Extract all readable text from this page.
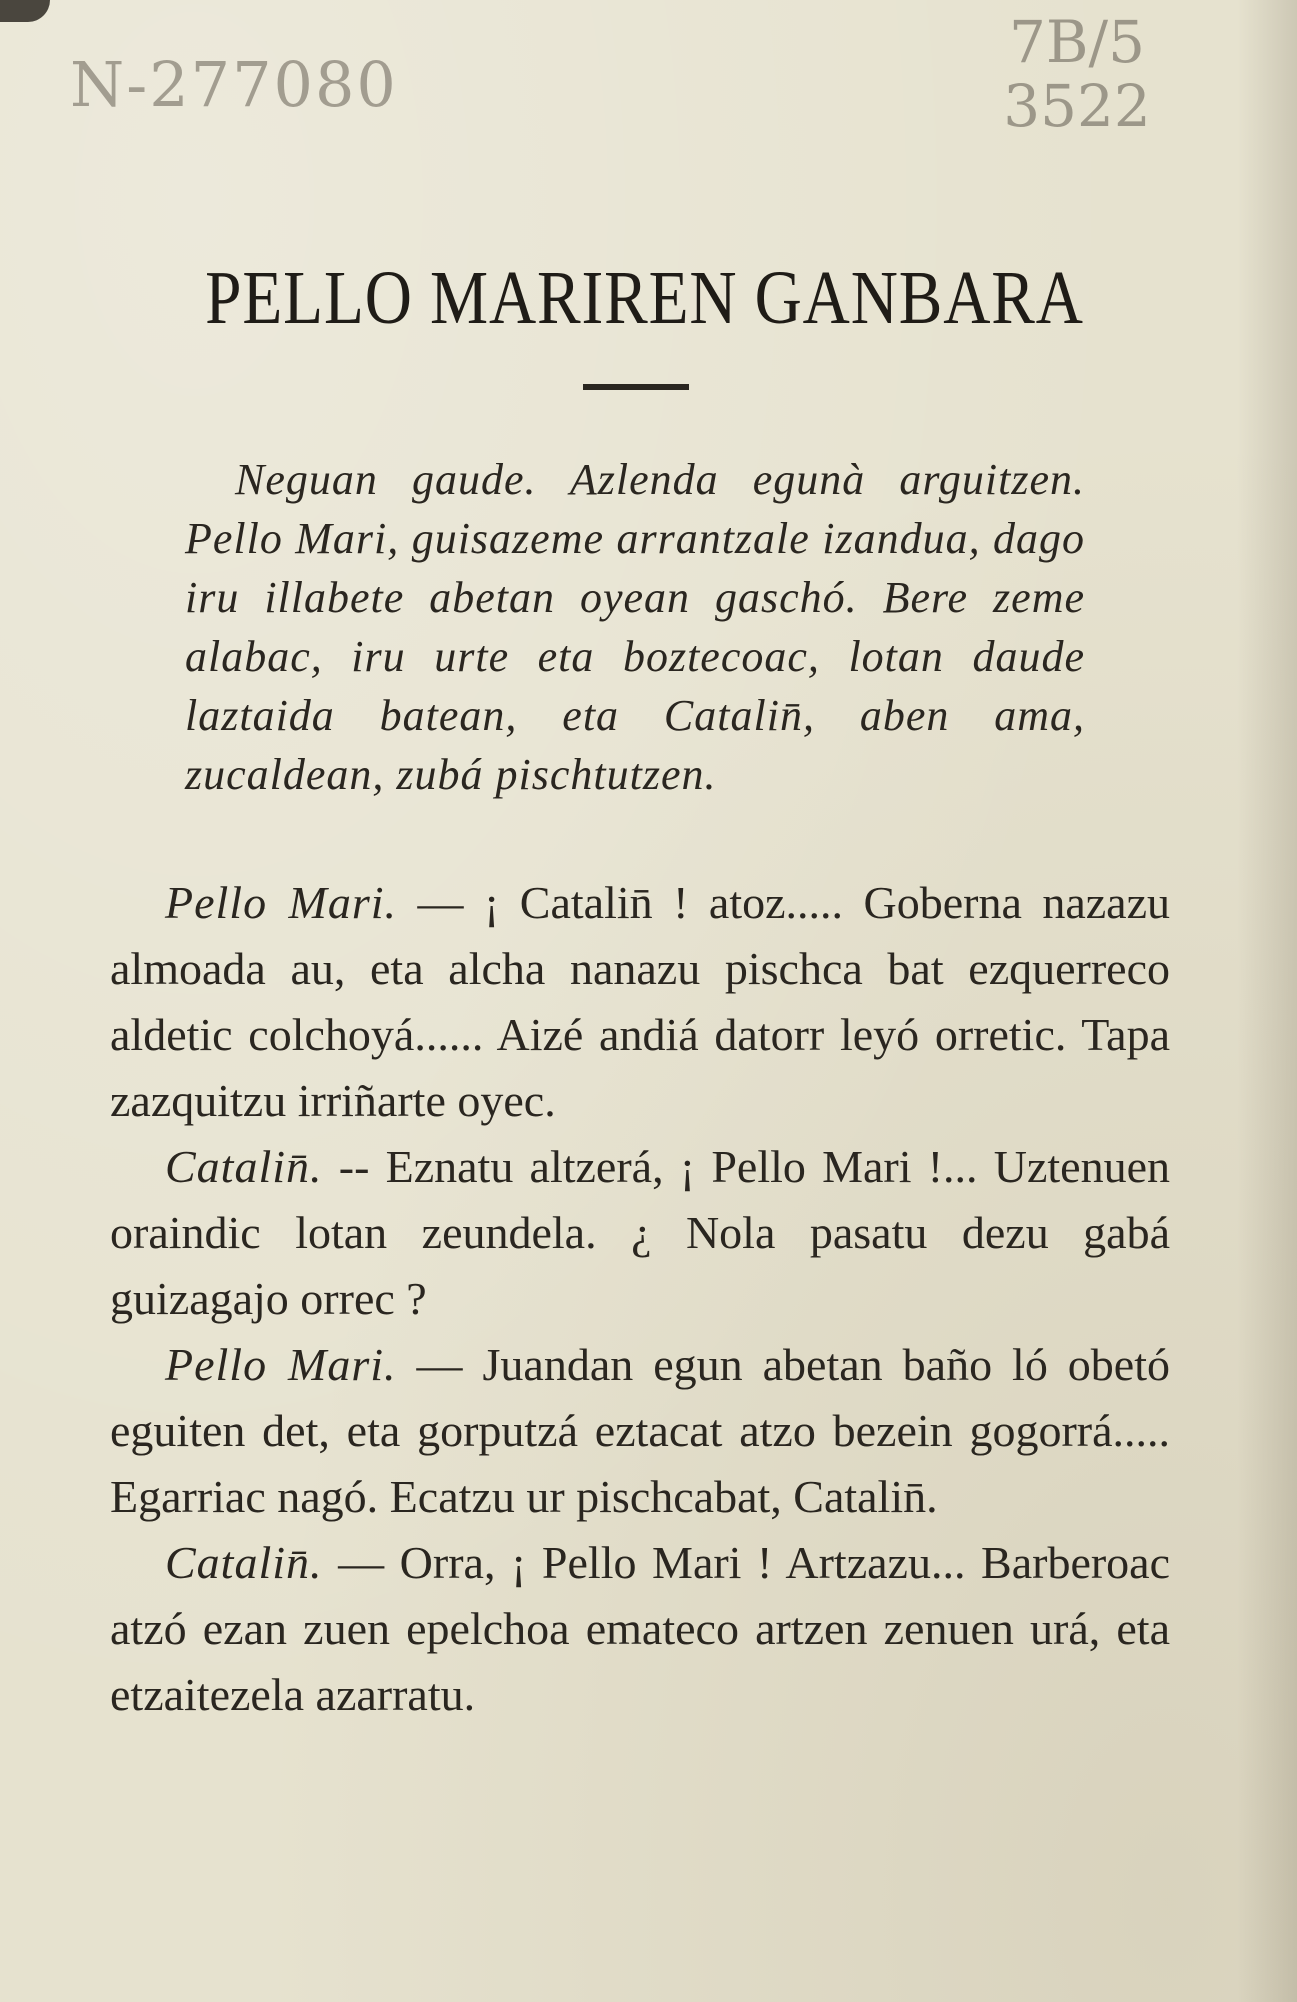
N-277080
7B/5
3522
PELLO MARIREN GANBARA

Neguan gaude. Azlenda egunà arguitzen. Pello Mari, guisazeme arrantzale izandua, dago iru illabete abetan oyean gaschó. Bere zeme alabac, iru urte eta boztecoac, lotan daude laztaida batean, eta Catalin̄, aben ama, zucaldean, zubá pischtutzen.

Pello Mari. — ¡ Catalin̄ ! atoz..... Goberna nazazu almoada au, eta alcha nanazu pischca bat ezquerreco aldetic colchoyá...... Aizé andiá datorr leyó orretic. Tapa zazquitzu irriñarte oyec.

Catalin̄. -- Eznatu altzerá, ¡ Pello Mari !... Uztenuen oraindic lotan zeundela. ¿ Nola pasatu dezu gabá guizagajo orrec ?

Pello Mari. — Juandan egun abetan baño ló obetó eguiten det, eta gorputzá eztacat atzo bezein gogorrá..... Egarriac nagó. Ecatzu ur pischcabat, Catalin̄.

Catalin̄. — Orra, ¡ Pello Mari ! Artzazu... Barberoac atzó ezan zuen epelchoa emateco artzen zenuen urá, eta etzaitezela azarratu.
